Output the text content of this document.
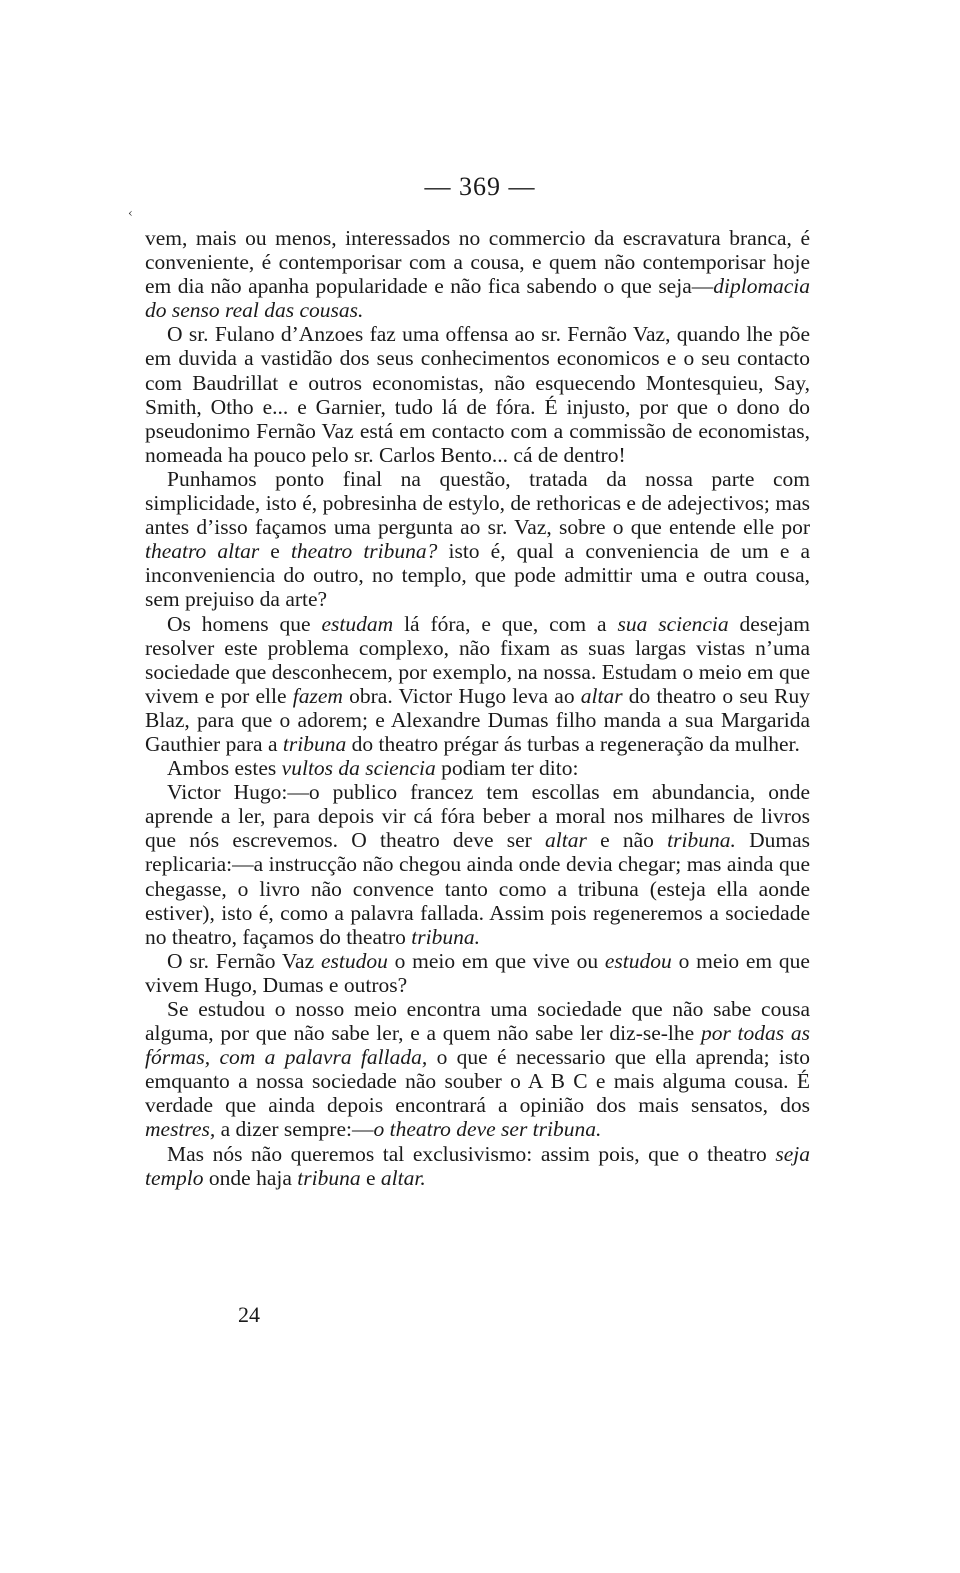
— 369 —
‹

vem, mais ou menos, interessados no commercio da escravatura branca, é conveniente, é contemporisar com a cousa, e quem não contemporisar hoje em dia não apanha popularidade e não fica sabendo o que seja—diplomacia do senso real das cousas.

O sr. Fulano d’Anzoes faz uma offensa ao sr. Fernão Vaz, quando lhe põe em duvida a vastidão dos seus conhecimentos economicos e o seu contacto com Baudrillat e outros economistas, não esquecendo Montesquieu, Say, Smith, Otho e... e Garnier, tudo lá de fóra. É injusto, por que o dono do pseudonimo Fernão Vaz está em contacto com a commissão de economistas, nomeada ha pouco pelo sr. Carlos Bento... cá de dentro!

Punhamos ponto final na questão, tratada da nossa parte com simplicidade, isto é, pobresinha de estylo, de rethoricas e de adejectivos; mas antes d’isso façamos uma pergunta ao sr. Vaz, sobre o que entende elle por theatro altar e theatro tribuna? isto é, qual a conveniencia de um e a inconveniencia do outro, no templo, que pode admittir uma e outra cousa, sem prejuiso da arte?

Os homens que estudam lá fóra, e que, com a sua sciencia desejam resolver este problema complexo, não fixam as suas largas vistas n’uma sociedade que desconhecem, por exemplo, na nossa. Estudam o meio em que vivem e por elle fazem obra. Victor Hugo leva ao altar do theatro o seu Ruy Blaz, para que o adorem; e Alexandre Dumas filho manda a sua Margarida Gauthier para a tribuna do theatro prégar ás turbas a regeneração da mulher.

Ambos estes vultos da sciencia podiam ter dito:

Victor Hugo:—o publico francez tem escollas em abundancia, onde aprende a ler, para depois vir cá fóra beber a moral nos milhares de livros que nós escrevemos. O theatro deve ser altar e não tribuna. Dumas replicaria:—a instrucção não chegou ainda onde devia chegar; mas ainda que chegasse, o livro não convence tanto como a tribuna (esteja ella aonde estiver), isto é, como a palavra fallada. Assim pois regeneremos a sociedade no theatro, façamos do theatro tribuna.

O sr. Fernão Vaz estudou o meio em que vive ou estudou o meio em que vivem Hugo, Dumas e outros?

Se estudou o nosso meio encontra uma sociedade que não sabe cousa alguma, por que não sabe ler, e a quem não sabe ler diz-se-lhe por todas as fórmas, com a palavra fallada, o que é necessario que ella aprenda; isto emquanto a nossa sociedade não souber o A B C e mais alguma cousa. É verdade que ainda depois encontrará a opinião dos mais sensatos, dos mestres, a dizer sempre:—o theatro deve ser tribuna.

Mas nós não queremos tal exclusivismo: assim pois, que o theatro seja templo onde haja tribuna e altar.

24
